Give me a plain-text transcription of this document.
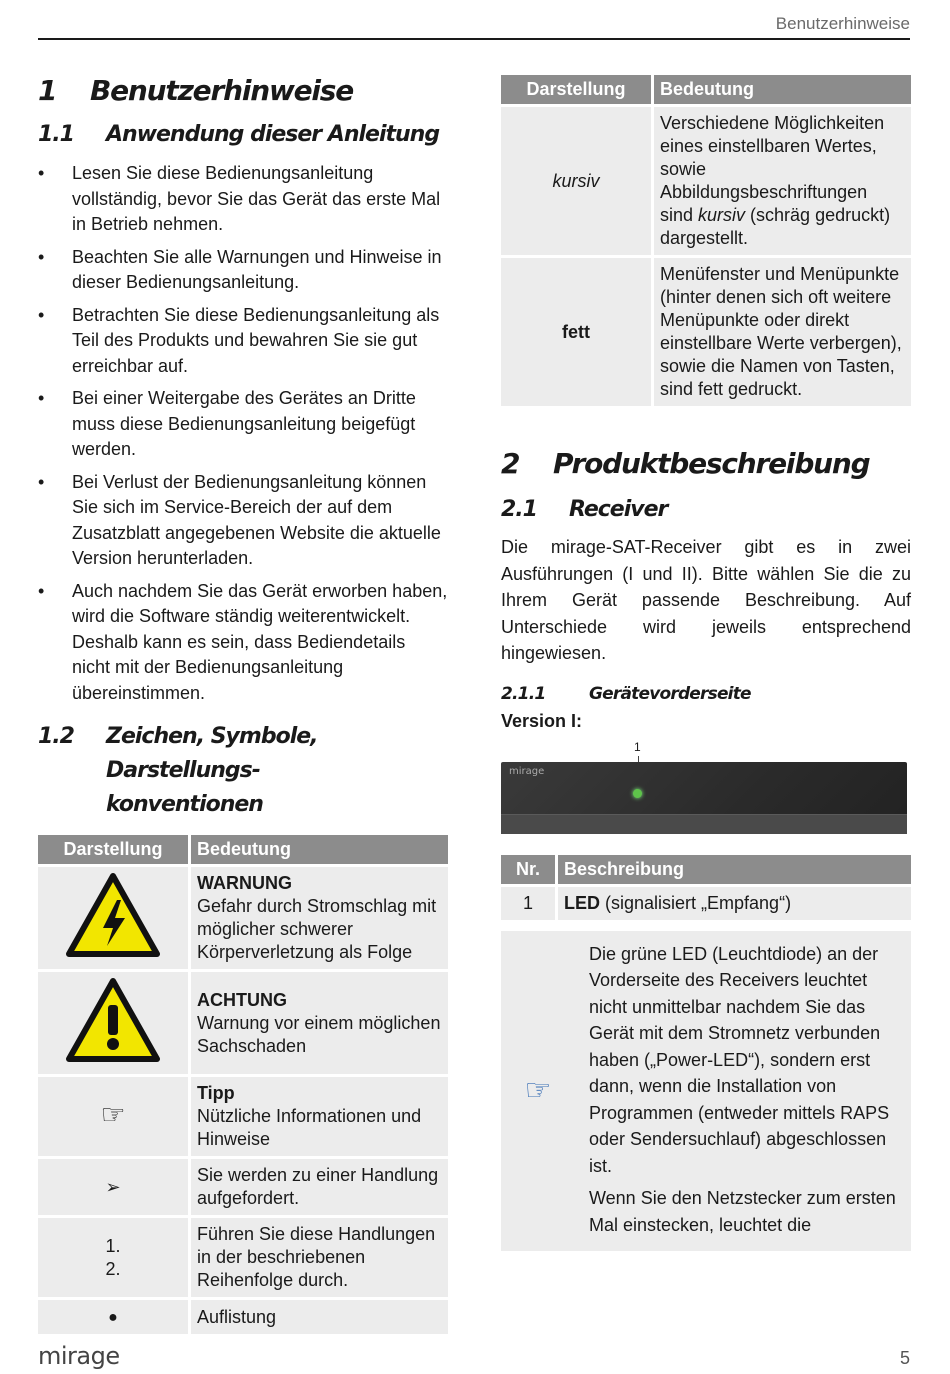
Benutzerhinweise
1	Benutzerhinweise
1.1	Anwendung dieser Anleitung
• Lesen Sie diese Bedienungsanleitung vollständig, bevor Sie das Gerät das erste Mal in Betrieb nehmen.
• Beachten Sie alle Warnungen und Hinweise in dieser Bedienungsanleitung.
• Betrachten Sie diese Bedienungsanleitung als Teil des Produkts und bewahren Sie sie gut erreichbar auf.
• Bei einer Weitergabe des Gerätes an Dritte muss diese Bedienungsanleitung beigefügt werden.
• Bei Verlust der Bedienungsanleitung können Sie sich im Service-Bereich der auf dem Zusatzblatt angegebenen Website die aktuelle Version herunterladen.
• Auch nachdem Sie das Gerät erworben haben, wird die Software ständig weiterentwickelt. Deshalb kann es sein, dass Bediendetails nicht mit der Bedienungsanleitung übereinstimmen.
1.2	Zeichen, Symbole, Darstellungs-
konventionen
Darstellung	Bedeutung

WARNUNG
Gefahr durch Stromschlag mit möglicher schwerer Körperverletzung als Folge

ACHTUNG
Warnung vor einem möglichen Sachschaden

☞	Tipp
Nützliche Informationen und Hinweise

➢	Sie werden zu einer Handlung aufgefordert.

1.
2.	Führen Sie diese Handlungen in der beschriebenen Reihenfolge durch.
●	Auflistung
Darstellung	Bedeutung
kursiv	Verschiedene Möglichkeiten eines einstellbaren Wertes, sowie Abbildungsbeschriftungen sind kursiv (schräg gedruckt) dargestellt.
fett	Menüfenster und Menüpunkte (hinter denen sich oft weitere Menüpunkte oder direkt einstellbare Werte verbergen), sowie die Namen von Tasten, sind fett gedruckt.
2	Produktbeschreibung
2.1	Receiver

Die mirage-SAT-Receiver gibt es in zwei Ausführungen (I und II). Bitte wählen Sie die zu Ihrem Gerät passende Beschreibung. Auf Unterschiede wird jeweils entsprechend hingewiesen.

2.1.1	Gerätevorderseite
Version I:
1
mirage
Nr.	Beschreibung
1	LED (signalisiert „Empfang“)
☞

Die grüne LED (Leuchtdiode) an der Vorderseite des Receivers leuchtet nicht unmittelbar nachdem Sie das Gerät mit dem Stromnetz verbunden haben („Power-LED“), sondern erst dann, wenn die Installation von Programmen (entweder mittels RAPS oder Sendersuchlauf) abgeschlossen ist.

Wenn Sie den Netzstecker zum ersten Mal einstecken, leuchtet die

mirage	5
